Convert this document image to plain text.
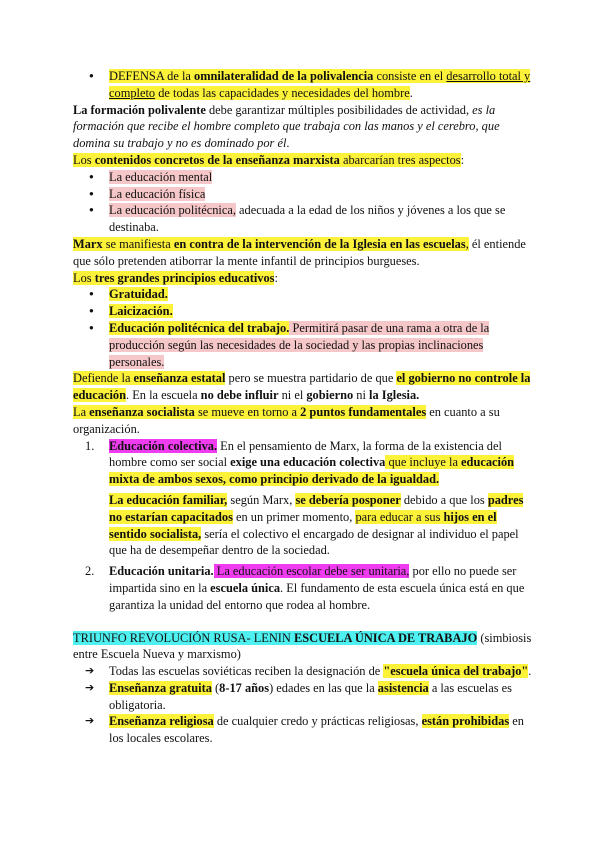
● DEFENSA de la omnilateralidad de la polivalencia consiste en el desarrollo total y completo de todas las capacidades y necesidades del hombre.

La formación polivalente debe garantizar múltiples posibilidades de actividad, es la formación que recibe el hombre completo que trabaja con las manos y el cerebro, que domina su trabajo y no es dominado por él.

Los contenidos concretos de la enseñanza marxista abarcarían tres aspectos:

● La educación mental
● La educación física
● La educación politécnica, adecuada a la edad de los niños y jóvenes a los que se destinaba.

Marx se manifiesta en contra de la intervención de la Iglesia en las escuelas, él entiende que sólo pretenden atiborrar la mente infantil de principios burgueses.

Los tres grandes principios educativos:

● Gratuidad.
● Laicización.
● Educación politécnica del trabajo. Permitirá pasar de una rama a otra de la producción según las necesidades de la sociedad y las propias inclinaciones personales.

Defiende la enseñanza estatal pero se muestra partidario de que el gobierno no controle la educación. En la escuela no debe influir ni el gobierno ni la Iglesia.

La enseñanza socialista se mueve en torno a 2 puntos fundamentales en cuanto a su organización.

1. Educación colectiva. En el pensamiento de Marx, la forma de la existencia del hombre como ser social exige una educación colectiva que incluye la educación mixta de ambos sexos, como principio derivado de la igualdad.

La educación familiar, según Marx, se debería posponer debido a que los padres no estarían capacitados en un primer momento, para educar a sus hijos en el sentido socialista, sería el colectivo el encargado de designar al individuo el papel que ha de desempeñar dentro de la sociedad.

2. Educación unitaria. La educación escolar debe ser unitaria, por ello no puede ser impartida sino en la escuela única. El fundamento de esta escuela única está en que garantiza la unidad del entorno que rodea al hombre.

TRIUNFO REVOLUCIÓN RUSA- LENIN ESCUELA ÚNICA DE TRABAJO (simbiosis entre Escuela Nueva y marxismo)

➔ Todas las escuelas soviéticas reciben la designación de "escuela única del trabajo".
➔ Enseñanza gratuita (8-17 años) edades en las que la asistencia a las escuelas es obligatoria.
➔ Enseñanza religiosa de cualquier credo y prácticas religiosas, están prohibidas en los locales escolares.
